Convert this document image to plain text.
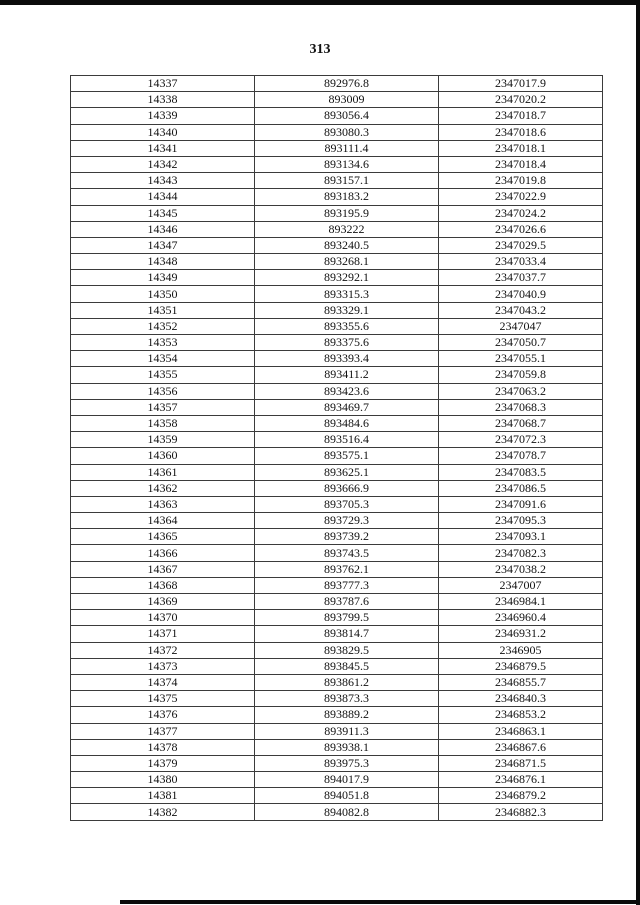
313
14337	892976.8	2347017.9
14338	893009	2347020.2
14339	893056.4	2347018.7
14340	893080.3	2347018.6
14341	893111.4	2347018.1
14342	893134.6	2347018.4
14343	893157.1	2347019.8
14344	893183.2	2347022.9
14345	893195.9	2347024.2
14346	893222	2347026.6
14347	893240.5	2347029.5
14348	893268.1	2347033.4
14349	893292.1	2347037.7
14350	893315.3	2347040.9
14351	893329.1	2347043.2
14352	893355.6	2347047
14353	893375.6	2347050.7
14354	893393.4	2347055.1
14355	893411.2	2347059.8
14356	893423.6	2347063.2
14357	893469.7	2347068.3
14358	893484.6	2347068.7
14359	893516.4	2347072.3
14360	893575.1	2347078.7
14361	893625.1	2347083.5
14362	893666.9	2347086.5
14363	893705.3	2347091.6
14364	893729.3	2347095.3
14365	893739.2	2347093.1
14366	893743.5	2347082.3
14367	893762.1	2347038.2
14368	893777.3	2347007
14369	893787.6	2346984.1
14370	893799.5	2346960.4
14371	893814.7	2346931.2
14372	893829.5	2346905
14373	893845.5	2346879.5
14374	893861.2	2346855.7
14375	893873.3	2346840.3
14376	893889.2	2346853.2
14377	893911.3	2346863.1
14378	893938.1	2346867.6
14379	893975.3	2346871.5
14380	894017.9	2346876.1
14381	894051.8	2346879.2
14382	894082.8	2346882.3
